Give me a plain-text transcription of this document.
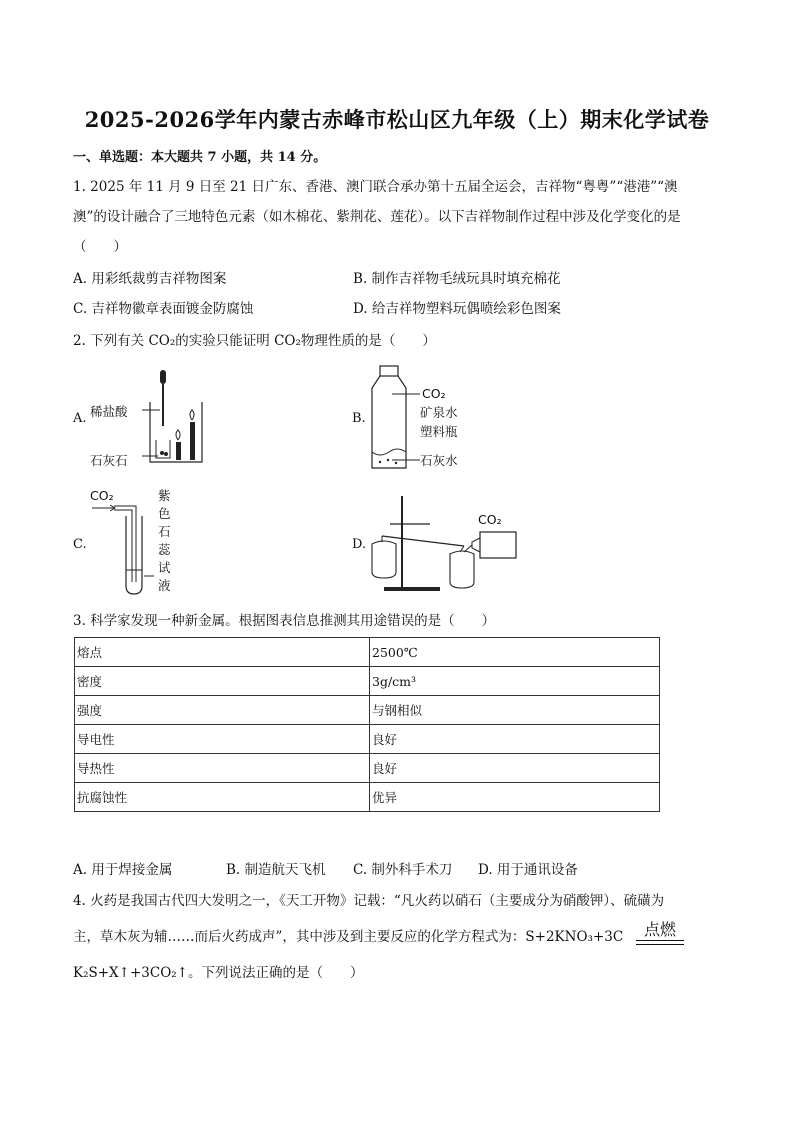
2025-2026学年内蒙古赤峰市松山区九年级（上）期末化学试卷
一、单选题：本大题共 7 小题，共 14 分。
1. 2025 年 11 月 9 日至 21 日广东、香港、澳门联合承办第十五届全运会，吉祥物“粤粤”“港港”“澳
澳”的设计融合了三地特色元素（如木棉花、紫荆花、莲花）。以下吉祥物制作过程中涉及化学变化的是
（　　）
A. 用彩纸裁剪吉祥物图案	B. 制作吉祥物毛绒玩具时填充棉花
C. 吉祥物徽章表面镀金防腐蚀	D. 给吉祥物塑料玩偶喷绘彩色图案
2. 下列有关 CO₂的实验只能证明 CO₂物理性质的是（　　）
A. 稀盐酸
石灰石
B.
CO₂
矿泉水
塑料瓶
石灰水
C.
CO₂	紫
色
石
蕊
试
液
D.
CO₂
3. 科学家发现一种新金属。根据图表信息推测其用途错误的是（　　）
熔点	2500℃
密度	3g/cm³
强度	与钢相似
导电性	良好
导热性	良好
抗腐蚀性	优异
A. 用于焊接金属	B. 制造航天飞机 C. 制外科手术刀 D. 用于通讯设备
4. 火药是我国古代四大发明之一，《天工开物》记载：“凡火药以硝石（主要成分为硝酸钾）、硫磺为
主，草木灰为辅……而后火药成声”，其中涉及到主要反应的化学方程式为：S+2KNO₃+3C	点燃
K₂S+X↑+3CO₂↑。下列说法正确的是（　　）
